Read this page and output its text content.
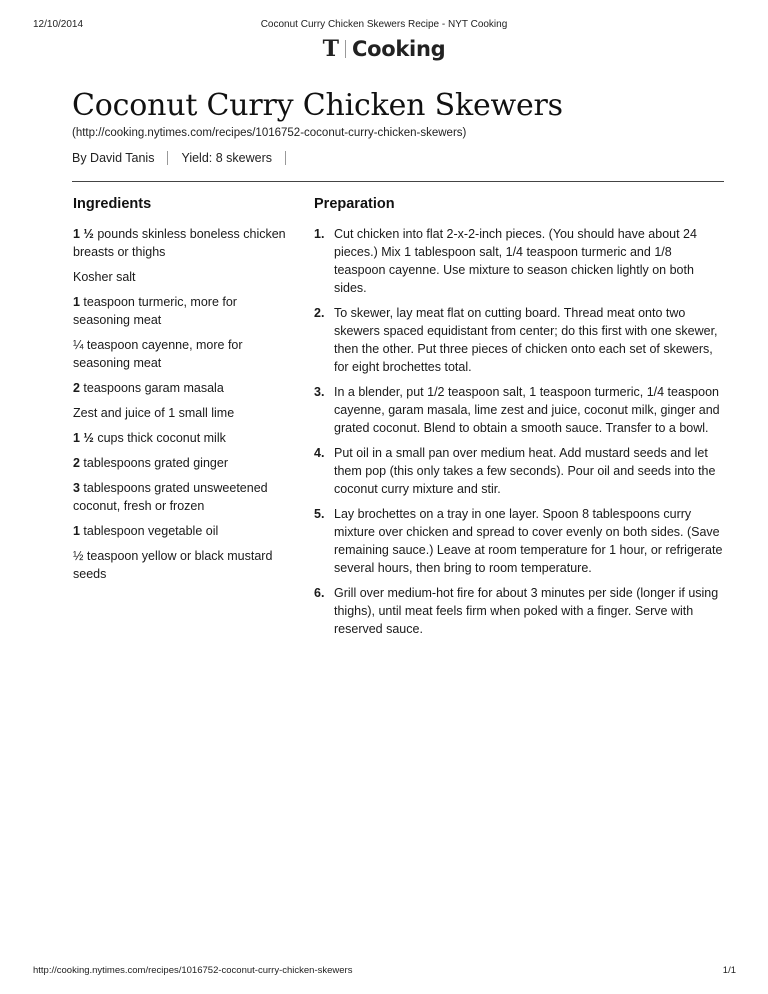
12/10/2014	Coconut Curry Chicken Skewers Recipe - NYT Cooking
T Cooking
Coconut Curry Chicken Skewers
(http://cooking.nytimes.com/recipes/1016752-coconut-curry-chicken-skewers)
By David Tanis Yield: 8 skewers
Ingredients
1 ½ pounds skinless boneless chicken breasts or thighs
Kosher salt
1 teaspoon turmeric, more for seasoning meat
¼ teaspoon cayenne, more for seasoning meat
2 teaspoons garam masala
Zest and juice of 1 small lime
1 ½ cups thick coconut milk
2 tablespoons grated ginger
3 tablespoons grated unsweetened coconut, fresh or frozen
1 tablespoon vegetable oil
½ teaspoon yellow or black mustard seeds
Preparation
1. Cut chicken into flat 2-x-2-inch pieces. (You should have about 24 pieces.) Mix 1 tablespoon salt, 1/4 teaspoon turmeric and 1/8 teaspoon cayenne. Use mixture to season chicken lightly on both sides.
2. To skewer, lay meat flat on cutting board. Thread meat onto two skewers spaced equidistant from center; do this first with one skewer, then the other. Put three pieces of chicken onto each set of skewers, for eight brochettes total.
3. In a blender, put 1/2 teaspoon salt, 1 teaspoon turmeric, 1/4 teaspoon cayenne, garam masala, lime zest and juice, coconut milk, ginger and grated coconut. Blend to obtain a smooth sauce. Transfer to a bowl.
4. Put oil in a small pan over medium heat. Add mustard seeds and let them pop (this only takes a few seconds). Pour oil and seeds into the coconut curry mixture and stir.
5. Lay brochettes on a tray in one layer. Spoon 8 tablespoons curry mixture over chicken and spread to cover evenly on both sides. (Save remaining sauce.) Leave at room temperature for 1 hour, or refrigerate several hours, then bring to room temperature.
6. Grill over medium-hot fire for about 3 minutes per side (longer if using thighs), until meat feels firm when poked with a finger. Serve with reserved sauce.
http://cooking.nytimes.com/recipes/1016752-coconut-curry-chicken-skewers	1/1
